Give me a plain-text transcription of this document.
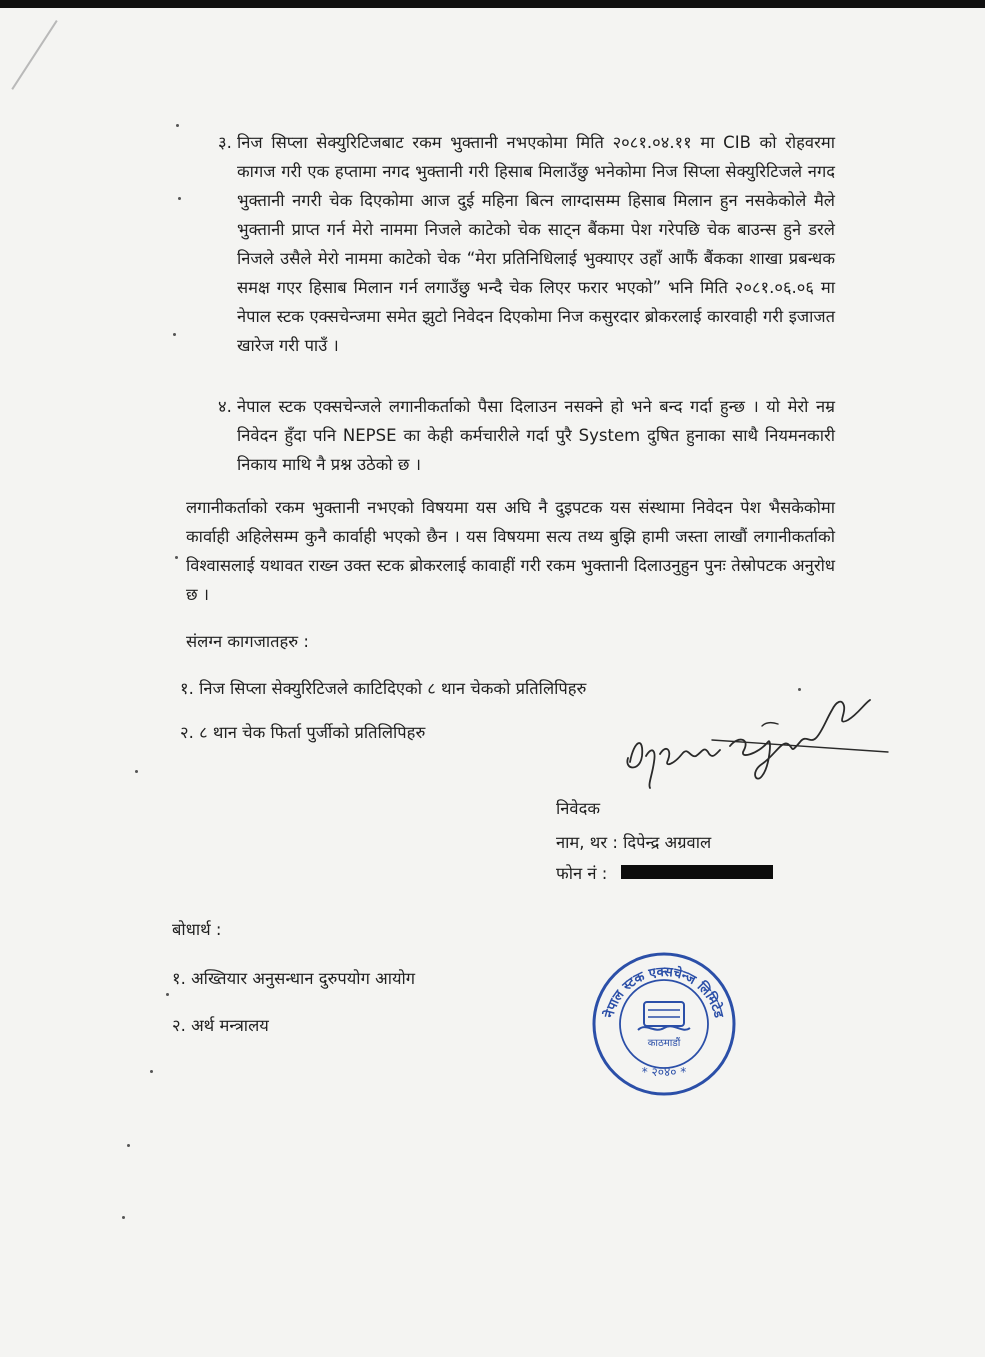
३. निज सिप्ला सेक्युरिटिजबाट रकम भुक्तानी नभएकोमा मिति २०८१.०४.११ मा CIB को रोहवरमा कागज गरी एक हप्तामा नगद भुक्तानी गरी हिसाब मिलाउँछु भनेकोमा निज सिप्ला सेक्युरिटिजले नगद भुक्तानी नगरी चेक दिएकोमा आज दुई महिना बित्न लाग्दासम्म हिसाब मिलान हुन नसकेकोले मैले भुक्तानी प्राप्त गर्न मेरो नाममा निजले काटेको चेक साट्न बैंकमा पेश गरेपछि चेक बाउन्स हुने डरले निजले उसैले मेरो नाममा काटेको चेक “मेरा प्रतिनिधिलाई भुक्याएर उहाँ आफैं बैंकका शाखा प्रबन्धक समक्ष गएर हिसाब मिलान गर्न लगाउँछु भन्दै चेक लिएर फरार भएको” भनि मिति २०८१.०६.०६ मा नेपाल स्टक एक्सचेन्जमा समेत झुटो निवेदन दिएकोमा निज कसुरदार ब्रोकरलाई कारवाही गरी इजाजत खारेज गरी पाउँ ।
४. नेपाल स्टक एक्सचेन्जले लगानीकर्ताको पैसा दिलाउन नसक्ने हो भने बन्द गर्दा हुन्छ । यो मेरो नम्र निवेदन हुँदा पनि NEPSE का केही कर्मचारीले गर्दा पुरै System दुषित हुनाका साथै नियमनकारी निकाय माथि नै प्रश्न उठेको छ ।
लगानीकर्ताको रकम भुक्तानी नभएको विषयमा यस अघि नै दुइपटक यस संस्थामा निवेदन पेश भैसकेकोमा कार्वाही अहिलेसम्म कुनै कार्वाही भएको छैन । यस विषयमा सत्य तथ्य बुझि हामी जस्ता लाखौं लगानीकर्ताको विश्वासलाई यथावत राख्न उक्त स्टक ब्रोकरलाई कावाहीं गरी रकम भुक्तानी दिलाउनुहुन पुनः तेस्रोपटक अनुरोध छ ।
संलग्न कागजातहरु :
१. निज सिप्ला सेक्युरिटिजले काटिदिएको ८ थान चेकको प्रतिलिपिहरु
२. ८ थान चेक फिर्ता पुर्जीको प्रतिलिपिहरु
निवेदक
नाम, थर : दिपेन्द्र अग्रवाल
फोन नं :
बोधार्थ :
१. अख्तियार अनुसन्धान दुरुपयोग आयोग
२. अर्थ मन्त्रालय
नेपाल स्टक एक्सचेन्ज लिमिटेड
काठमाडौं
* २०४० *
